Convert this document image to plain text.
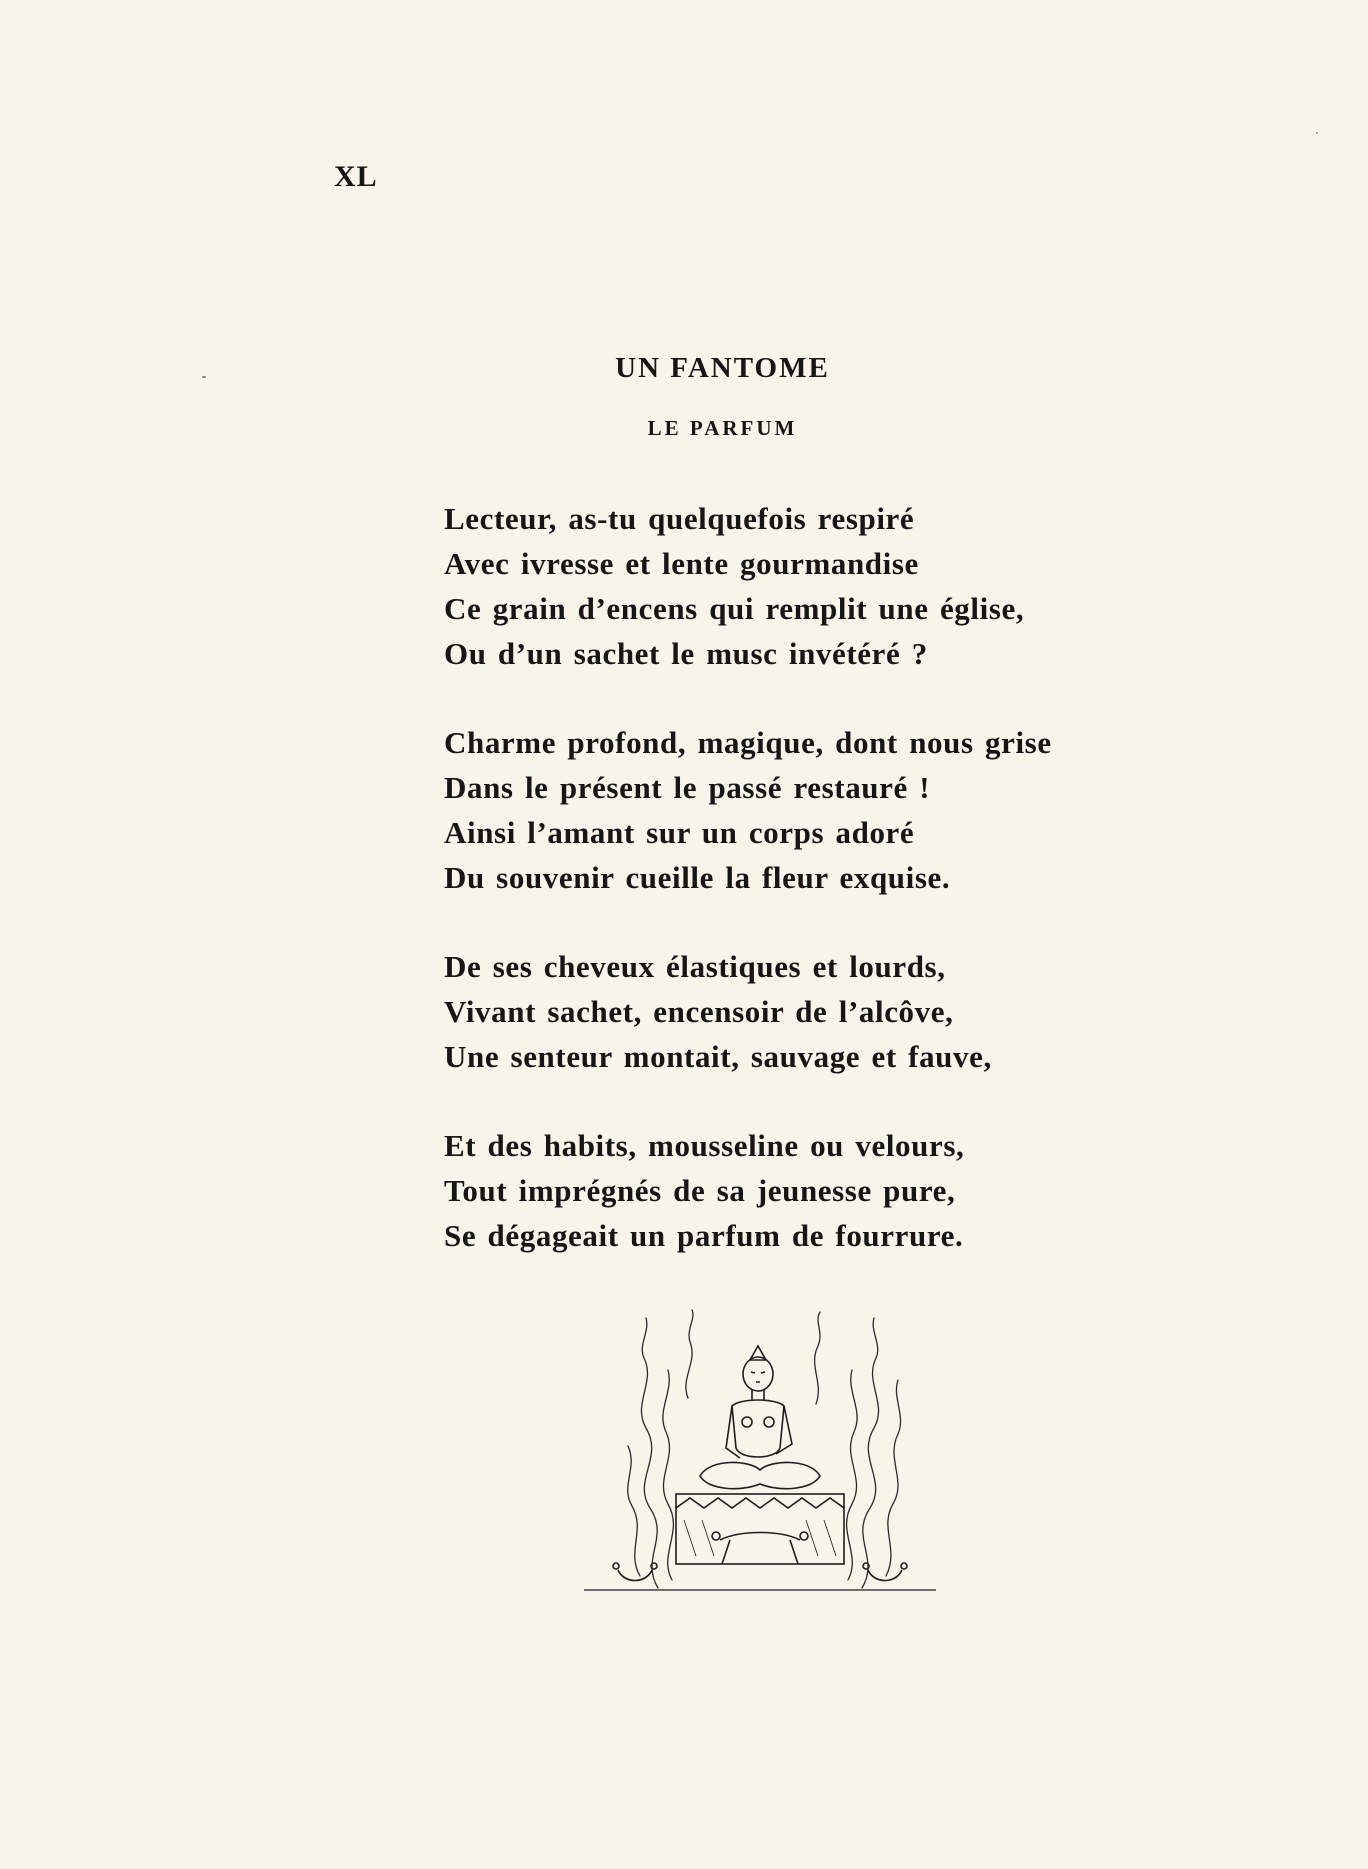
XL
UN FANTOME
LE PARFUM
Lecteur, as-tu quelquefois respiré
Avec ivresse et lente gourmandise
Ce grain d’encens qui remplit une église,
Ou d’un sachet le musc invétéré ?
Charme profond, magique, dont nous grise
Dans le présent le passé restauré !
Ainsi l’amant sur un corps adoré
Du souvenir cueille la fleur exquise.
De ses cheveux élastiques et lourds,
Vivant sachet, encensoir de l’alcôve,
Une senteur montait, sauvage et fauve,
Et des habits, mousseline ou velours,
Tout imprégnés de sa jeunesse pure,
Se dégageait un parfum de fourrure.
